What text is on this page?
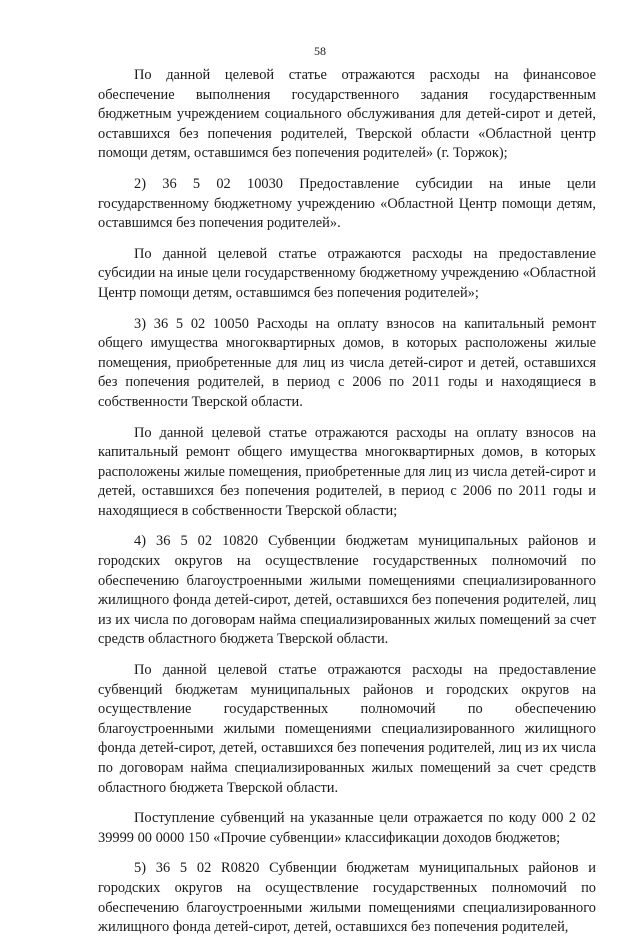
58

По данной целевой статье отражаются расходы на финансовое обеспечение выполнения государственного задания государственным бюджетным учреждением социального обслуживания для детей-сирот и детей, оставшихся без попечения родителей, Тверской области «Областной центр помощи детям, оставшимся без попечения родителей» (г. Торжок);

2) 36 5 02 10030 Предоставление субсидии на иные цели государственному бюджетному учреждению «Областной Центр помощи детям, оставшимся без попечения родителей».

По данной целевой статье отражаются расходы на предоставление субсидии на иные цели государственному бюджетному учреждению «Областной Центр помощи детям, оставшимся без попечения родителей»;

3) 36 5 02 10050 Расходы на оплату взносов на капитальный ремонт общего имущества многоквартирных домов, в которых расположены жилые помещения, приобретенные для лиц из числа детей-сирот и детей, оставшихся без попечения родителей, в период с 2006 по 2011 годы и находящиеся в собственности Тверской области.

По данной целевой статье отражаются расходы на оплату взносов на капитальный ремонт общего имущества многоквартирных домов, в которых расположены жилые помещения, приобретенные для лиц из числа детей-сирот и детей, оставшихся без попечения родителей, в период с 2006 по 2011 годы и находящиеся в собственности Тверской области;

4) 36 5 02 10820 Субвенции бюджетам муниципальных районов и городских округов на осуществление государственных полномочий по обеспечению благоустроенными жилыми помещениями специализированного жилищного фонда детей-сирот, детей, оставшихся без попечения родителей, лиц из их числа по договорам найма специализированных жилых помещений за счет средств областного бюджета Тверской области.

По данной целевой статье отражаются расходы на предоставление субвенций бюджетам муниципальных районов и городских округов на осуществление государственных полномочий по обеспечению благоустроенными жилыми помещениями специализированного жилищного фонда детей-сирот, детей, оставшихся без попечения родителей, лиц из их числа по договорам найма специализированных жилых помещений за счет средств областного бюджета Тверской области.

Поступление субвенций на указанные цели отражается по коду 000 2 02 39999 00 0000 150 «Прочие субвенции» классификации доходов бюджетов;

5) 36 5 02 R0820 Субвенции бюджетам муниципальных районов и городских округов на осуществление государственных полномочий по обеспечению благоустроенными жилыми помещениями специализированного жилищного фонда детей-сирот, детей, оставшихся без попечения родителей,
